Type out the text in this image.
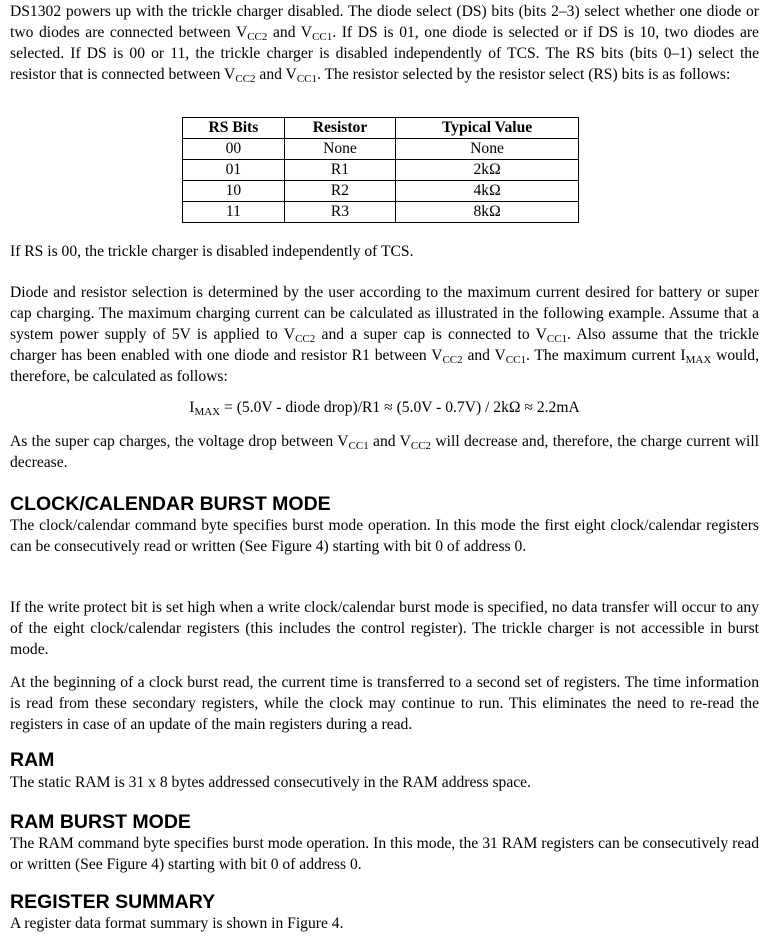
DS1302 powers up with the trickle charger disabled. The diode select (DS) bits (bits 2–3) select whether one diode or two diodes are connected between $V_{CC2}$ and $V_{CC1}$. If DS is 01, one diode is selected or if DS is 10, two diodes are selected. If DS is 00 or 11, the trickle charger is disabled independently of TCS. The RS bits (bits 0–1) select the resistor that is connected between $V_{CC2}$ and $V_{CC1}$. The resistor selected by the resistor select (RS) bits is as follows:

RS Bits	Resistor	Typical Value
00	None	None
01	R1	2kΩ
10	R2	4kΩ
11	R3	8kΩ

If RS is 00, the trickle charger is disabled independently of TCS.

Diode and resistor selection is determined by the user according to the maximum current desired for battery or super cap charging. The maximum charging current can be calculated as illustrated in the following example. Assume that a system power supply of 5V is applied to $V_{CC2}$ and a super cap is connected to $V_{CC1}$. Also assume that the trickle charger has been enabled with one diode and resistor R1 between $V_{CC2}$ and $V_{CC1}$. The maximum current $I_{MAX}$ would, therefore, be calculated as follows:

$I_{MAX} = (5.0V$ - diode drop)/R1 ≈ (5.0V - 0.7V) / 2kΩ ≈ 2.2mA

As the super cap charges, the voltage drop between $V_{CC1}$ and $V_{CC2}$ will decrease and, therefore, the charge current will decrease.

CLOCK/CALENDAR BURST MODE

The clock/calendar command byte specifies burst mode operation. In this mode the first eight clock/calendar registers can be consecutively read or written (See Figure 4) starting with bit 0 of address 0.

If the write protect bit is set high when a write clock/calendar burst mode is specified, no data transfer will occur to any of the eight clock/calendar registers (this includes the control register). The trickle charger is not accessible in burst mode.

At the beginning of a clock burst read, the current time is transferred to a second set of registers. The time information is read from these secondary registers, while the clock may continue to run. This eliminates the need to re-read the registers in case of an update of the main registers during a read.

RAM

The static RAM is 31 x 8 bytes addressed consecutively in the RAM address space.

RAM BURST MODE

The RAM command byte specifies burst mode operation. In this mode, the 31 RAM registers can be consecutively read or written (See Figure 4) starting with bit 0 of address 0.

REGISTER SUMMARY

A register data format summary is shown in Figure 4.
